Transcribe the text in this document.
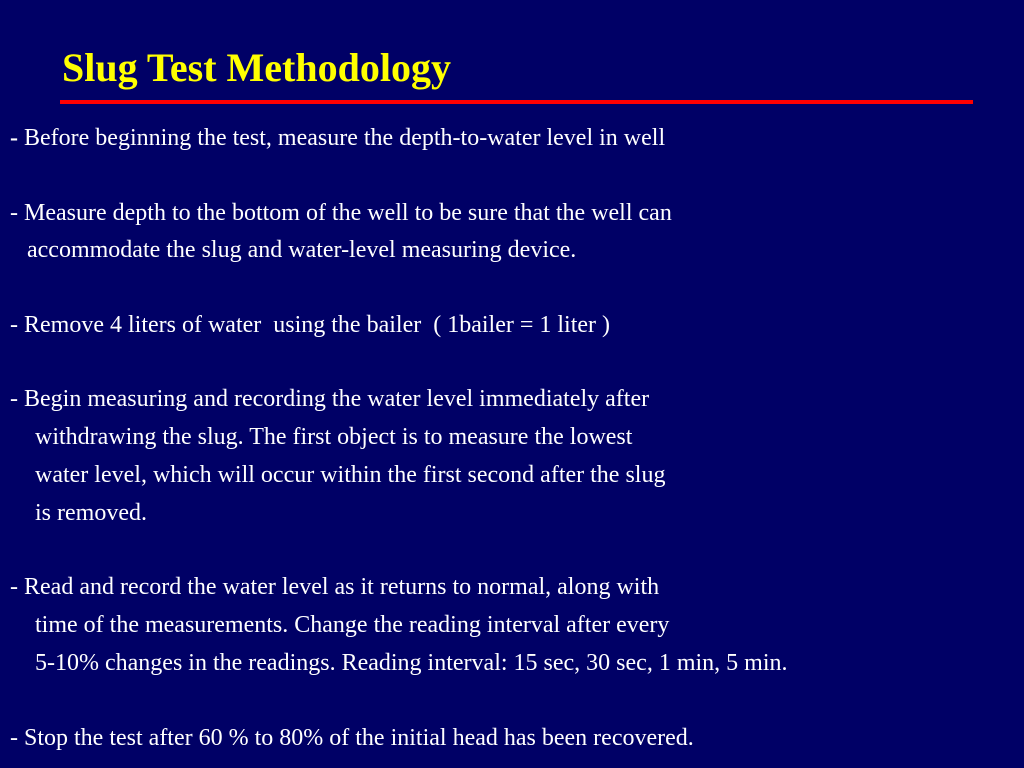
Slug Test Methodology
- Before beginning the test, measure the depth-to-water level in well
- Measure depth to the bottom of the well to be sure that the well can
accommodate the slug and water-level measuring device.
- Remove 4 liters of water  using the bailer  ( 1bailer = 1 liter )
- Begin measuring and recording the water level immediately after
withdrawing the slug. The first object is to measure the lowest
water level, which will occur within the first second after the slug
is removed.
- Read and record the water level as it returns to normal, along with
time of the measurements. Change the reading interval after every
5-10% changes in the readings. Reading interval: 15 sec, 30 sec, 1 min, 5 min.
- Stop the test after 60 % to 80% of the initial head has been recovered.
